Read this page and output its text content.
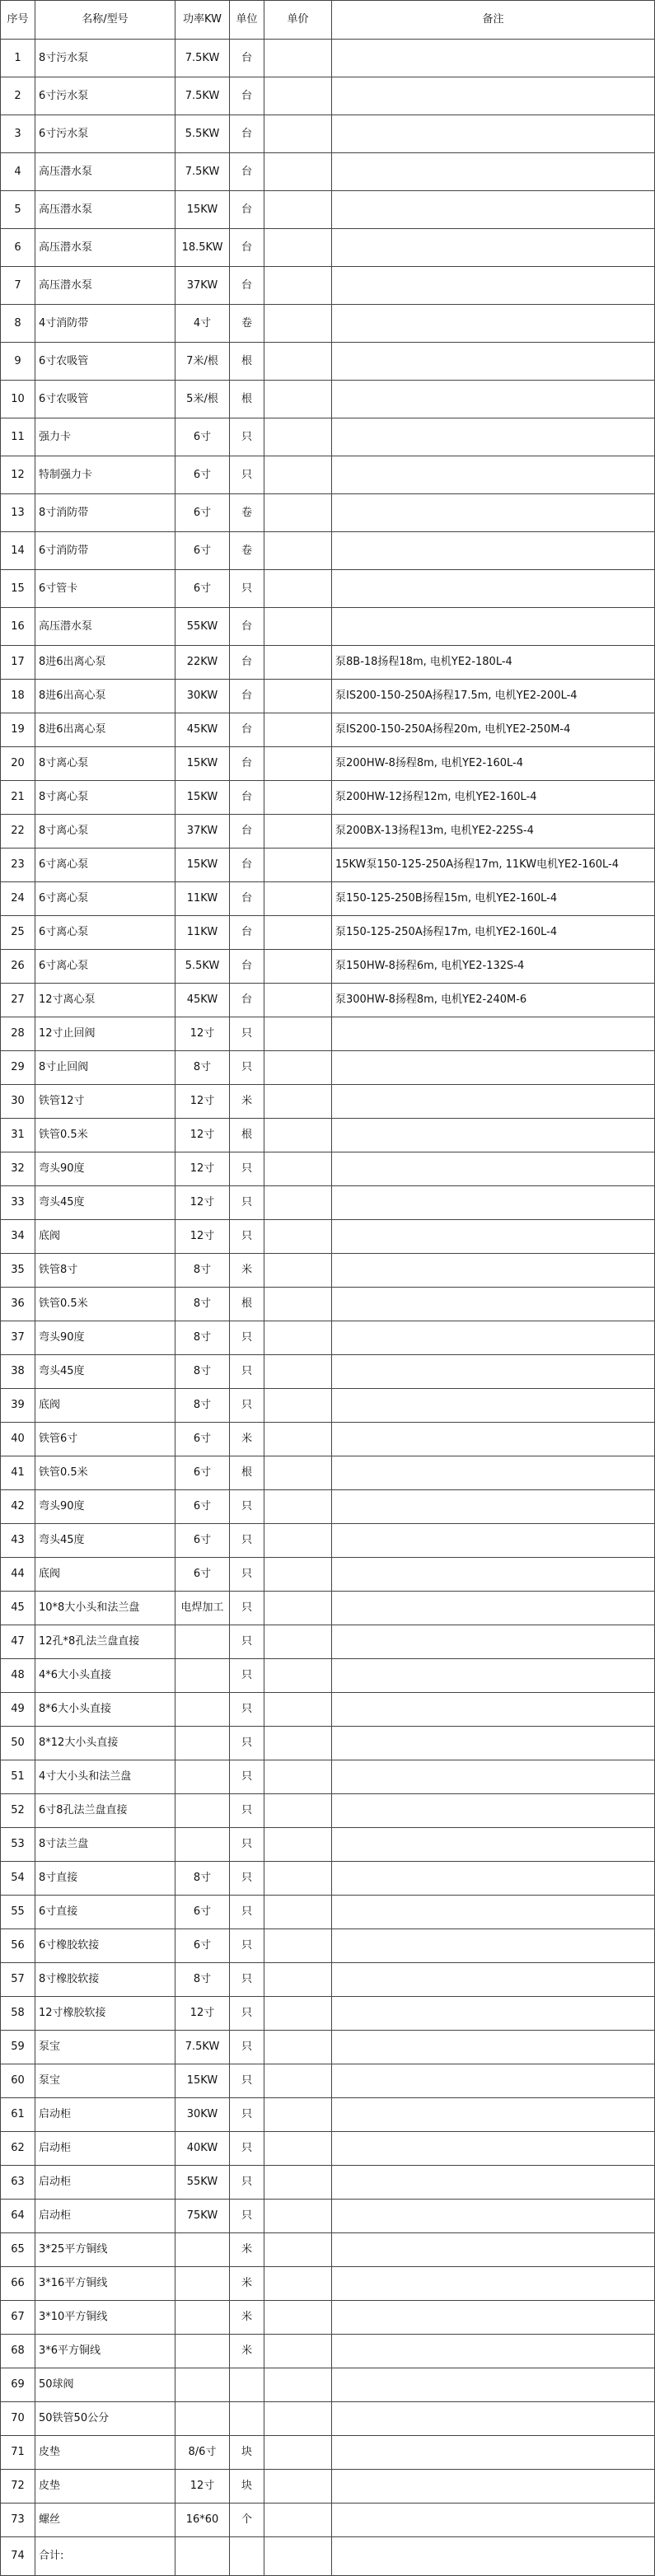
序号	名称/型号	功率KW	单位	单价	备注
1	8寸污水泵	7.5KW	台		
2	6寸污水泵	7.5KW	台		
3	6寸污水泵	5.5KW	台		
4	高压潜水泵	7.5KW	台		
5	高压潜水泵	15KW	台		
6	高压潜水泵	18.5KW	台		
7	高压潜水泵	37KW	台		
8	4寸消防带	4寸	卷		
9	6寸农吸管	7米/根	根		
10	6寸农吸管	5米/根	根		
11	强力卡	6寸	只		
12	特制强力卡	6寸	只		
13	8寸消防带	6寸	卷		
14	6寸消防带	6寸	卷		
15	6寸管卡	6寸	只		
16	高压潜水泵	55KW	台		
17	8进6出离心泵	22KW	台		泵8B-18扬程18m, 电机YE2-180L-4
18	8进6出高心泵	30KW	台		泵IS200-150-250A扬程17.5m, 电机YE2-200L-4
19	8进6出离心泵	45KW	台		泵IS200-150-250A扬程20m, 电机YE2-250M-4
20	8寸离心泵	15KW	台		泵200HW-8扬程8m, 电机YE2-160L-4
21	8寸离心泵	15KW	台		泵200HW-12扬程12m, 电机YE2-160L-4
22	8寸离心泵	37KW	台		泵200BX-13扬程13m, 电机YE2-225S-4
23	6寸离心泵	15KW	台		15KW泵150-125-250A扬程17m, 11KW电机YE2-160L-4
24	6寸离心泵	11KW	台		泵150-125-250B扬程15m, 电机YE2-160L-4
25	6寸离心泵	11KW	台		泵150-125-250A扬程17m, 电机YE2-160L-4
26	6寸离心泵	5.5KW	台		泵150HW-8扬程6m, 电机YE2-132S-4
27	12寸离心泵	45KW	台		泵300HW-8扬程8m, 电机YE2-240M-6
28	12寸止回阀	12寸	只		
29	8寸止回阀	8寸	只		
30	铁管12寸	12寸	米		
31	铁管0.5米	12寸	根		
32	弯头90度	12寸	只		
33	弯头45度	12寸	只		
34	底阀	12寸	只		
35	铁管8寸	8寸	米		
36	铁管0.5米	8寸	根		
37	弯头90度	8寸	只		
38	弯头45度	8寸	只		
39	底阀	8寸	只		
40	铁管6寸	6寸	米		
41	铁管0.5米	6寸	根		
42	弯头90度	6寸	只		
43	弯头45度	6寸	只		
44	底阀	6寸	只		
45	10*8大小头和法兰盘	电焊加工	只		
47	12孔*8孔法兰盘直接		只		
48	4*6大小头直接		只		
49	8*6大小头直接		只		
50	8*12大小头直接		只		
51	4寸大小头和法兰盘		只		
52	6寸8孔法兰盘直接		只		
53	8寸法兰盘		只		
54	8寸直接	8寸	只		
55	6寸直接	6寸	只		
56	6寸橡胶软接	6寸	只		
57	8寸橡胶软接	8寸	只		
58	12寸橡胶软接	12寸	只		
59	泵宝	7.5KW	只		
60	泵宝	15KW	只		
61	启动柜	30KW	只		
62	启动柜	40KW	只		
63	启动柜	55KW	只		
64	启动柜	75KW	只		
65	3*25平方铜线		米		
66	3*16平方铜线		米		
67	3*10平方铜线		米		
68	3*6平方铜线		米		
69	50球阀				
70	50铁管50公分				
71	皮垫	8/6寸	块		
72	皮垫	12寸	块		
73	螺丝	16*60	个		
74	合计:				
